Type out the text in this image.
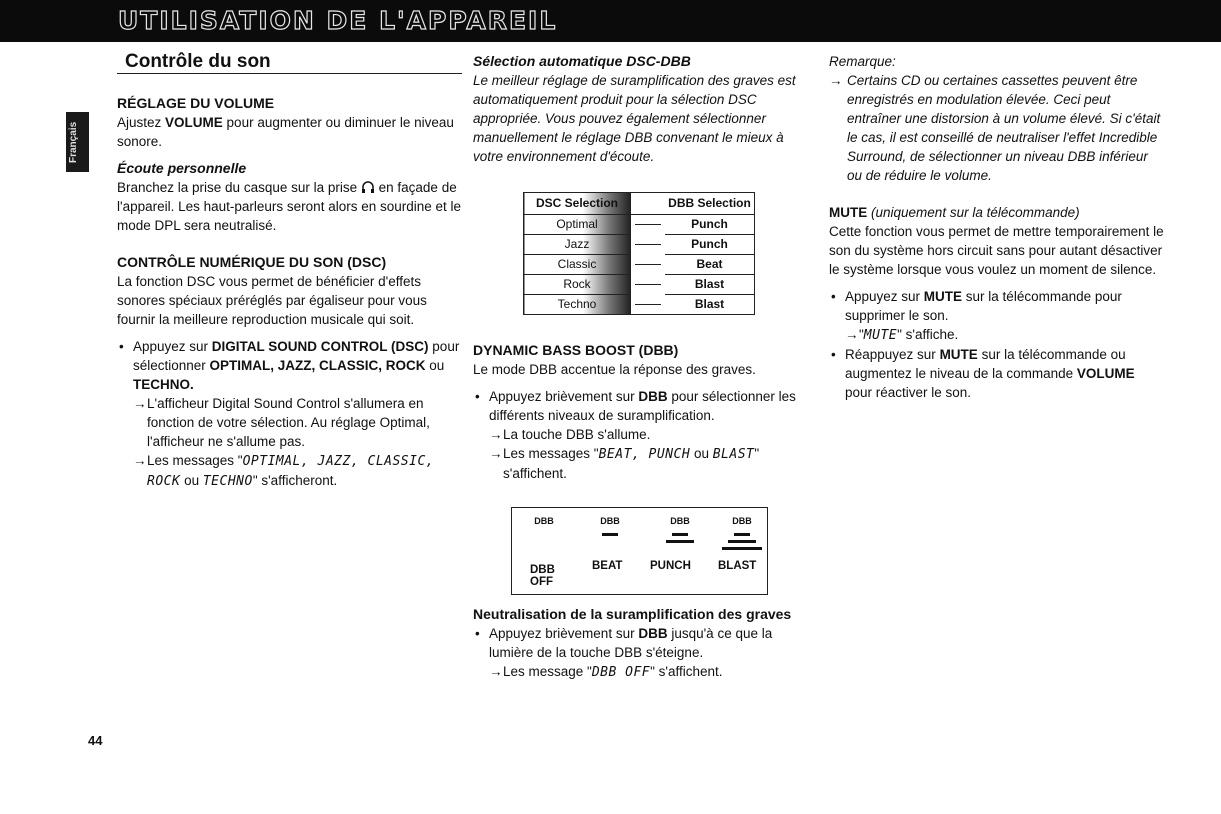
UTILISATION DE L'APPAREIL
Français
Contrôle du son
RÉGLAGE DU VOLUME

Ajustez VOLUME pour augmenter ou diminuer le niveau sonore.

Écoute personnelle

Branchez la prise du casque sur la prise  en façade de l'appareil. Les haut-parleurs seront alors en sourdine et le mode DPL sera neutralisé.

CONTRÔLE NUMÉRIQUE DU SON (DSC)

La fonction DSC vous permet de bénéficier d'effets sonores spéciaux préréglés par égaliseur pour vous fournir la meilleure reproduction musicale qui soit.

• Appuyez sur DIGITAL SOUND CONTROL (DSC) pour sélectionner OPTIMAL, JAZZ, CLASSIC, ROCK ou TECHNO.
→ L'afficheur Digital Sound Control s'allumera en fonction de votre sélection. Au réglage Optimal, l'afficheur ne s'allume pas.
→ Les messages "OPTIMAL, JAZZ, CLASSIC, ROCK ou TECHNO" s'afficheront.
Sélection automatique DSC-DBB

Le meilleur réglage de suramplification des graves est automatiquement produit pour la sélection DSC appropriée. Vous pouvez également sélectionner manuellement le réglage DBB convenant le mieux à votre environnement d'écoute.

DSC Selection		DBB Selection
Optimal		Punch
Jazz		Punch
Classic		Beat
Rock		Blast
Techno		Blast
DYNAMIC BASS BOOST (DBB)

Le mode DBB accentue la réponse des graves.

• Appuyez brièvement sur DBB pour sélectionner les différents niveaux de suramplification.
→ La touche DBB s'allume.
→ Les messages "BEAT, PUNCH ou BLAST" s'affichent.
DBB	DBB	DBB	DBB
DBB OFF
BEAT PUNCH BLAST
Neutralisation de la suramplification des graves
• Appuyez brièvement sur DBB jusqu'à ce que la lumière de la touche DBB s'éteigne.
→ Les message "DBB OFF" s'affichent.

Remarque:

→ Certains CD ou certaines cassettes peuvent être enregistrés en modulation élevée. Ceci peut entraîner une distorsion à un volume élevé. Si c'était le cas, il est conseillé de neutraliser l'effet Incredible Surround, de sélectionner un niveau DBB inférieur ou de réduire le volume.

MUTE (uniquement sur la télécommande)

Cette fonction vous permet de mettre temporairement le son du système hors circuit sans pour autant désactiver le système lorsque vous voulez un moment de silence.

• Appuyez sur MUTE sur la télécommande pour supprimer le son.
→ "MUTE" s'affiche.
• Réappuyez sur MUTE sur la télécommande ou augmentez le niveau de la commande VOLUME pour réactiver le son.
44
